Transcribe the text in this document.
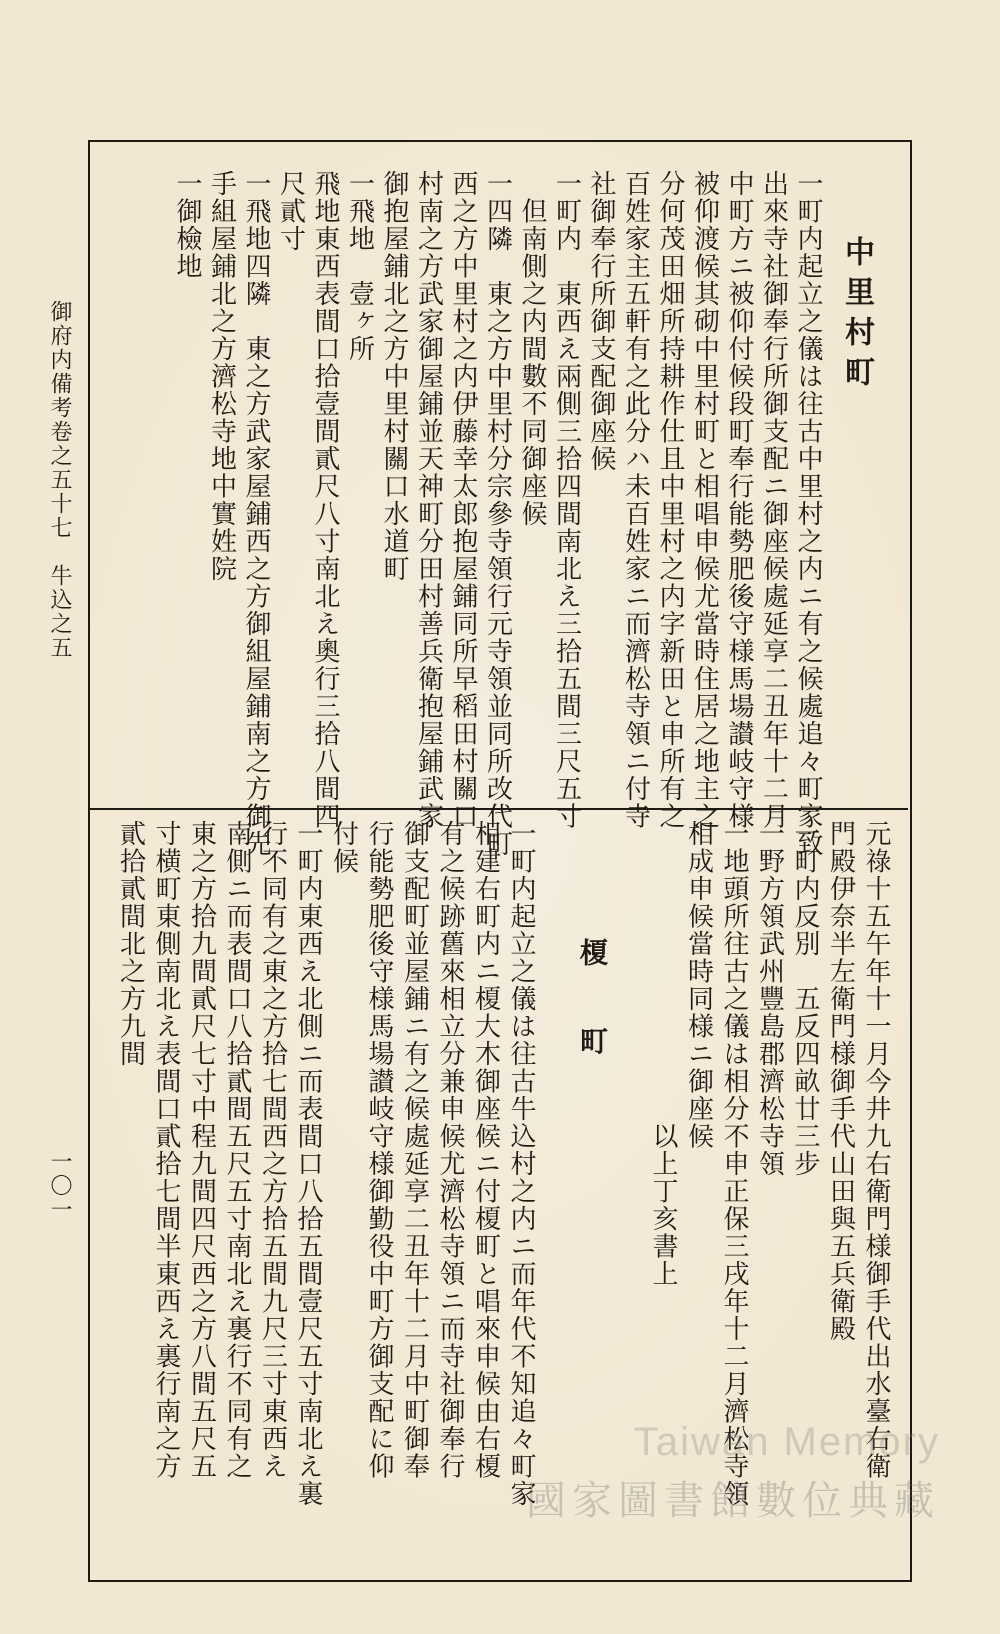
御府内備考卷之五十七　牛込之五
一〇一
中里村町
一町内起立之儀は往古中里村之内ニ有之候處追々町家致
出來寺社御奉行所御支配ニ御座候處延享二丑年十二月
中町方ニ被仰付候段町奉行能勢肥後守様馬場讃岐守様
被仰渡候其砌中里村町と相唱申候尤當時住居之地主之
分何茂田畑所持耕作仕且中里村之内字新田と申所有之
百姓家主五軒有之此分ハ未百姓家ニ而濟松寺領ニ付寺
社御奉行所御支配御座候
一町内　東西え兩側三拾四間南北え三拾五間三尺五寸
　但南側之内間數不同御座候
一四隣　東之方中里村分宗參寺領行元寺領並同所改代町
西之方中里村之内伊藤幸太郎抱屋鋪同所早稻田村關口
村南之方武家御屋鋪並天神町分田村善兵衛抱屋鋪武家
御抱屋鋪北之方中里村關口水道町
一飛地　壹ヶ所
飛地東西表間口拾壹間貳尺八寸南北え奧行三拾八間四
尺貳寸
一飛地四隣　東之方武家屋鋪西之方御組屋鋪南之方御先
手組屋鋪北之方濟松寺地中實姓院
一御檢地
元祿十五午年十一月今井九右衛門様御手代出水臺右衛
門殿伊奈半左衛門様御手代山田與五兵衛殿
一町内反別　五反四畝廿三步
一野方領武州豐島郡濟松寺領
一地頭所往古之儀は相分不申正保三戌年十二月濟松寺領
相成申候當時同様ニ御座候
　　　　　　　　　　　以上丁亥書上
　　　　榎　　町
一町内起立之儀は往古牛込村之内ニ而年代不知追々町家
相建右町内ニ榎大木御座候ニ付榎町と唱來申候由右榎
有之候跡舊來相立分兼申候尤濟松寺領ニ而寺社御奉行
御支配町並屋鋪ニ有之候處延享二丑年十二月中町御奉
行能勢肥後守様馬場讃岐守様御勤役中町方御支配に仰
付候
一町内東西え北側ニ而表間口八拾五間壹尺五寸南北え裏
行不同有之東之方拾七間西之方拾五間九尺三寸東西え
南側ニ而表間口八拾貳間五尺五寸南北え裏行不同有之
東之方拾九間貳尺七寸中程九間四尺西之方八間五尺五
寸横町東側南北え表間口貳拾七間半東西え裏行南之方
貳拾貳間北之方九間
Taiwan Memory
國家圖書館數位典藏
